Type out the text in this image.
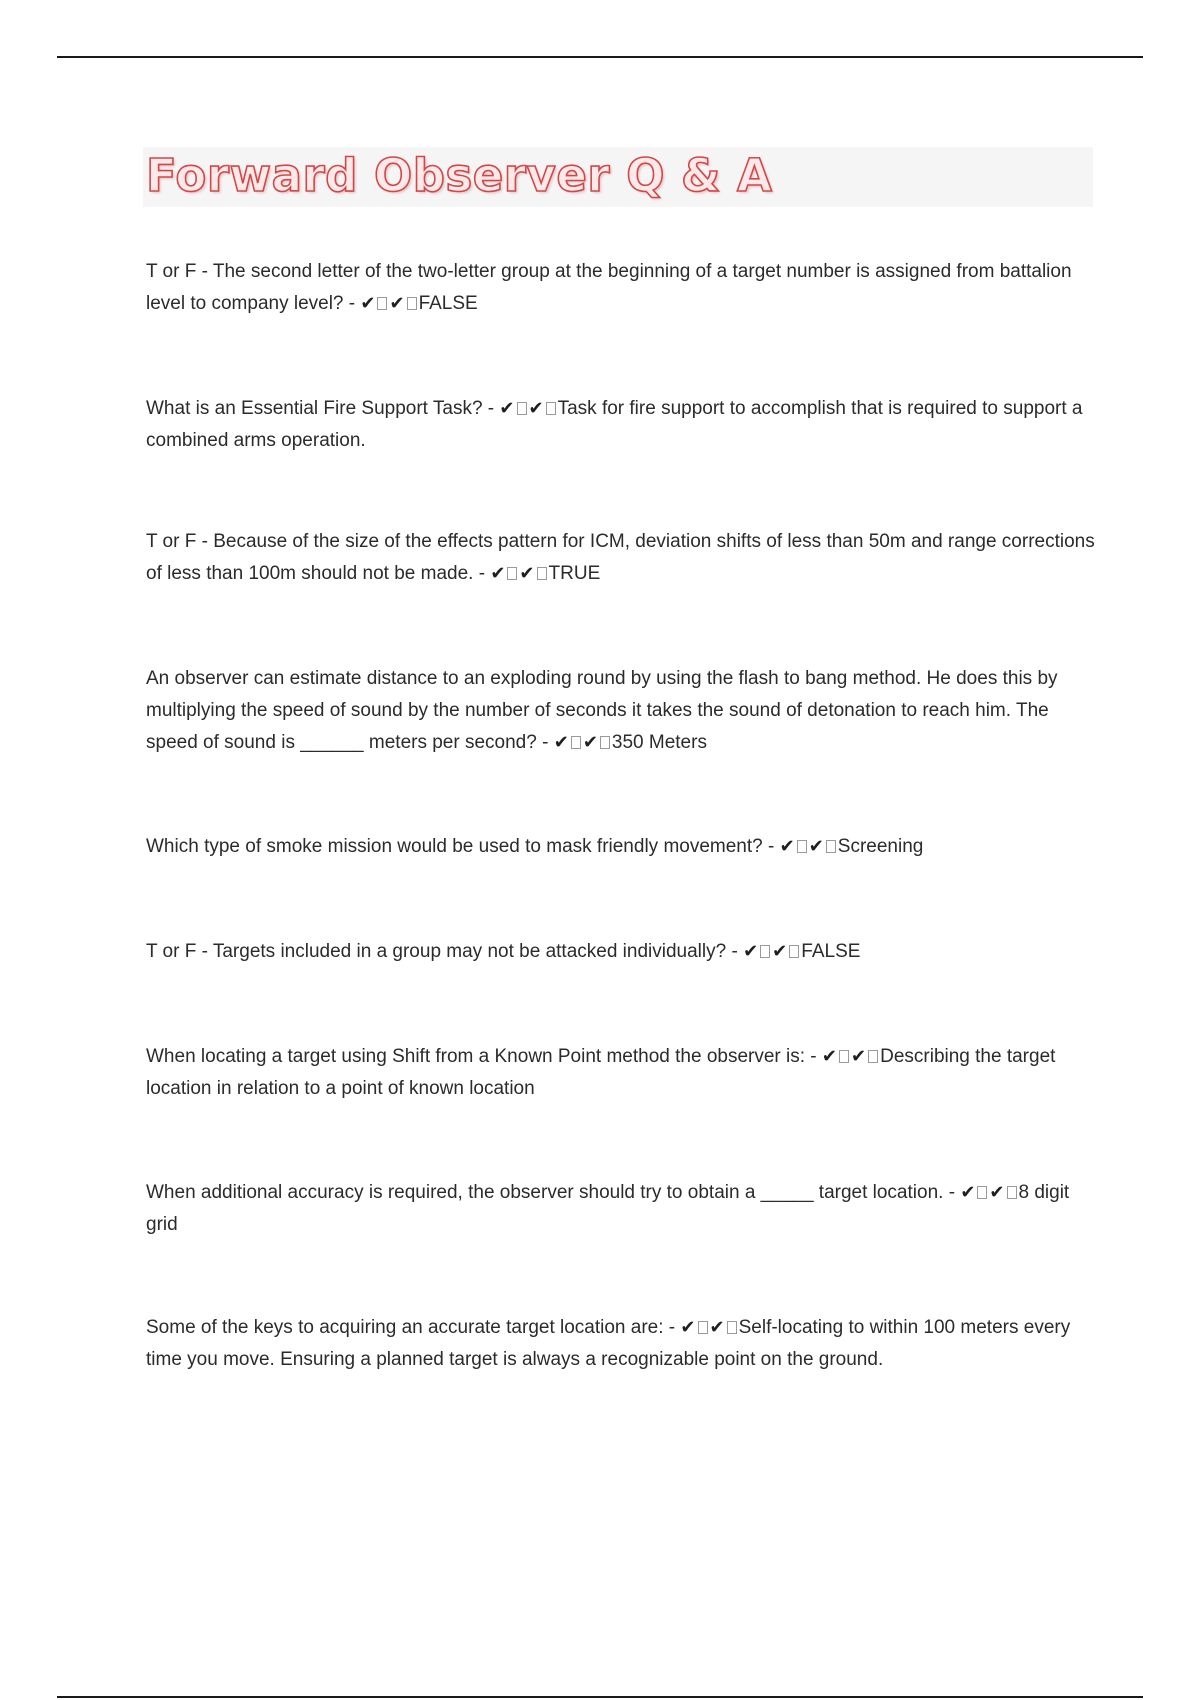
Forward Observer Q & A

T or F - The second letter of the two-letter group at the beginning of a target number is assigned from battalion level to company level? - ✔ ✔ FALSE

What is an Essential Fire Support Task? - ✔ ✔ Task for fire support to accomplish that is required to support a combined arms operation.

T or F - Because of the size of the effects pattern for ICM, deviation shifts of less than 50m and range corrections of less than 100m should not be made. - ✔ ✔ TRUE

An observer can estimate distance to an exploding round by using the flash to bang method. He does this by multiplying the speed of sound by the number of seconds it takes the sound of detonation to reach him. The speed of sound is ______ meters per second? - ✔ ✔ 350 Meters

Which type of smoke mission would be used to mask friendly movement? - ✔ ✔ Screening

T or F - Targets included in a group may not be attacked individually? - ✔ ✔ FALSE

When locating a target using Shift from a Known Point method the observer is: - ✔ ✔ Describing the target location in relation to a point of known location

When additional accuracy is required, the observer should try to obtain a _____ target location. - ✔ ✔ 8 digit grid

Some of the keys to acquiring an accurate target location are: - ✔ ✔ Self-locating to within 100 meters every time you move. Ensuring a planned target is always a recognizable point on the ground.
